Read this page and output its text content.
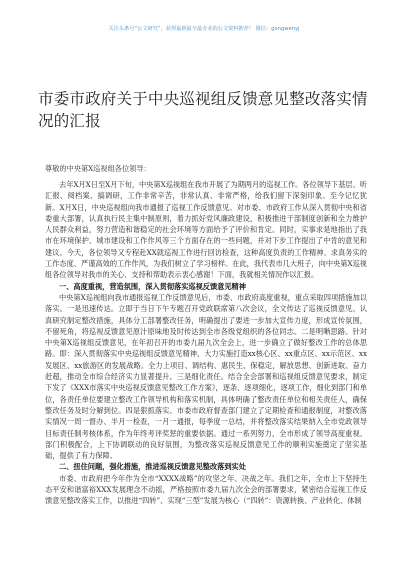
关注头条号“公文研究”，获得最新最全最专业的公文资料推荐！ 微信：gongwenyj
市委市政府关于中央巡视组反馈意见整改落实情况的汇报
尊敬的中央第X巡视组各位领导：

去年X月X日至X月下旬，中央第X巡视组在我市开展了为期两月的巡视工作。各位领导下基层、听汇报、阅档案、搞调研，工作非常辛苦，非常认真、非常严格，给我们留下深刻印象。至今记忆犹新。X月X日，中央巡视组向我市通报了巡视工作反馈意见。对市委、市政府工作从深入贯彻中央和省委重大部署，认真执行民主集中制原则，着力抓好党风廉政建设，积极推进干部制度创新和全力维护人民群众利益，努力营造和谐稳定的社会环境等方面给予了评价和肯定。同时，实事求是地指出了我市在环境保护、城市建设和工作作风等三个方面存在的一些问题，并对下步工作提出了中肯的意见和建议。今天，各位领导又专程赴XX就巡视工作进行回访检查，这种高度负责的工作精神、求真务实的工作态度、严谨高效的工作作风，为我们树立了学习榜样。在此，我代表市几大班子，向中央第X巡视组各位领导对我市的关心、支持和帮助表示衷心感谢！下面，我就相关情况作以汇报。

一、高度重视，营造氛围，深入贯彻落实巡视反馈意见精神

中央第X巡视组向我市通报巡视工作反馈意见后，市委、市政府高度重视，重点采取四项措施加以落实。一是迅速传达。立即于当日下午专题召开党政联席第八次会议，全文传达了巡视反馈意见。认真研究制定整改措施，具体分工部署整改任务，明确提出了要进一步加大宣传力度，形成宣传氛围，不留死角，将巡视反馈意见原汁原味地及时传达到全市各级党组织的各位同志。二是明晰思路。针对中央第X巡视组反馈意见，在年初召开的市委九届九次全会上，进一步确立了做好整改工作的总体思路。即：深入贯彻落实中央巡视组反馈意见精神，大力实施打造xx核心区、xx重点区、xx示范区、xx发展区、xx旅游区的发展战略。全力上项目、调结构、惠民生、保稳定，解放思想、创新进取、奋力赶超，推动全市综合经济实力显著提升。三是细化责任。结合全会部署和巡视组反馈意见要求，制定下发了《XXX市落实中央巡视反馈意见整改工作方案》，逐条、逐项细化，逐项工作，细化到部门和单位，各责任单位要建立整改工作领导机构和落实机制，具体明确了整改责任单位和相关责任人，确保整改任务及时分解到位。四是狠抓落实。市委市政府督查部门建立了定期检查和通报制度，对整改落实情况一周一督办、半月一检查，一月一通报，每季度一总结，并将整改落实结果纳入全市党政领导目标责任制考核体系，作为年终考评奖惩的重要依据。通过一系列努力，全市形成了领导高度重视、部门积极配合，上下协调联动的良好氛围，为整改落实巡视反馈意见工作的顺利实施奠定了坚实基础，提供了有力保障。

二、扭住问题，强化措施，推进巡视反馈意见整改落到实处

市委、市政府把今年作为全市“XXXX战略”的攻坚之年、决战之年。我们之年，全市上下坚持生态平安和谐富裕XXX发展理念不动摇，严格按照市委九届九次全会的部署要求，紧密结合巡视工作反馈意见整改落实工作，以推进“四转”、实现“三型”发展为核心（“四转”：资源转换、产业转化、体制
